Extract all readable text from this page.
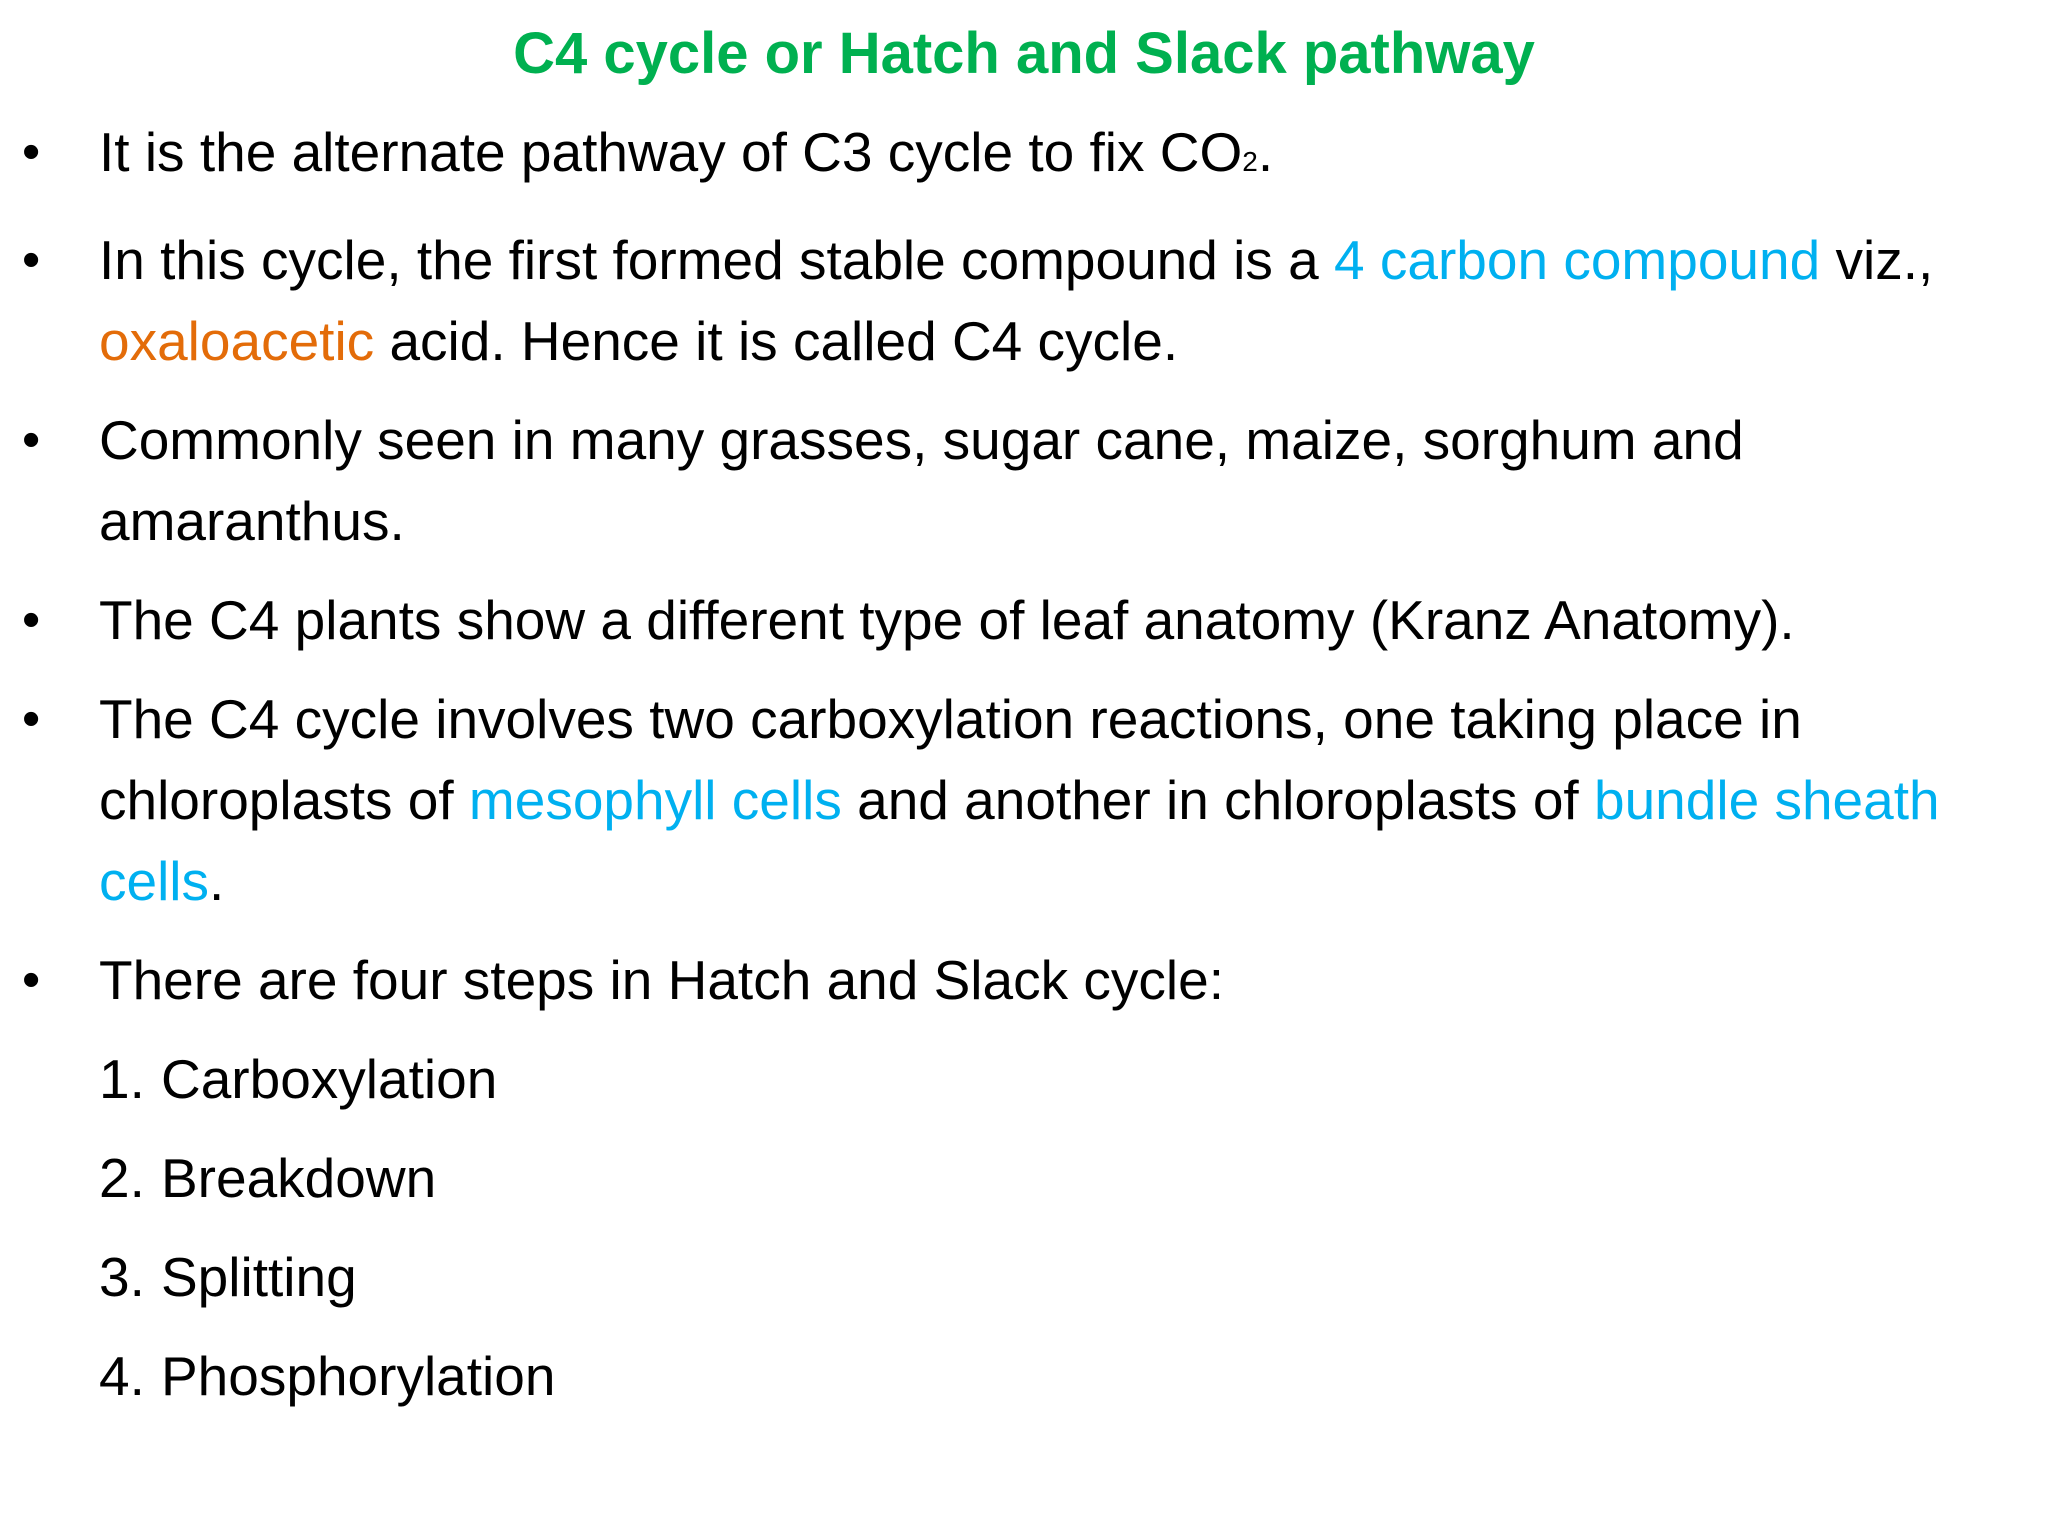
C4 cycle or Hatch and Slack pathway
•	It is the alternate pathway of C3 cycle to fix CO2.
•	In this cycle, the first formed stable compound is a 4 carbon compound viz., oxaloacetic acid. Hence it is called C4 cycle.
•	Commonly seen in many grasses, sugar cane, maize, sorghum and amaranthus.
•	The C4 plants show a different type of leaf anatomy (Kranz Anatomy).
•	The C4 cycle involves two carboxylation reactions, one taking place in chloroplasts of mesophyll cells and another in chloroplasts of bundle sheath cells.
•	There are four steps in Hatch and Slack cycle:
1. Carboxylation
2. Breakdown
3. Splitting
4. Phosphorylation
